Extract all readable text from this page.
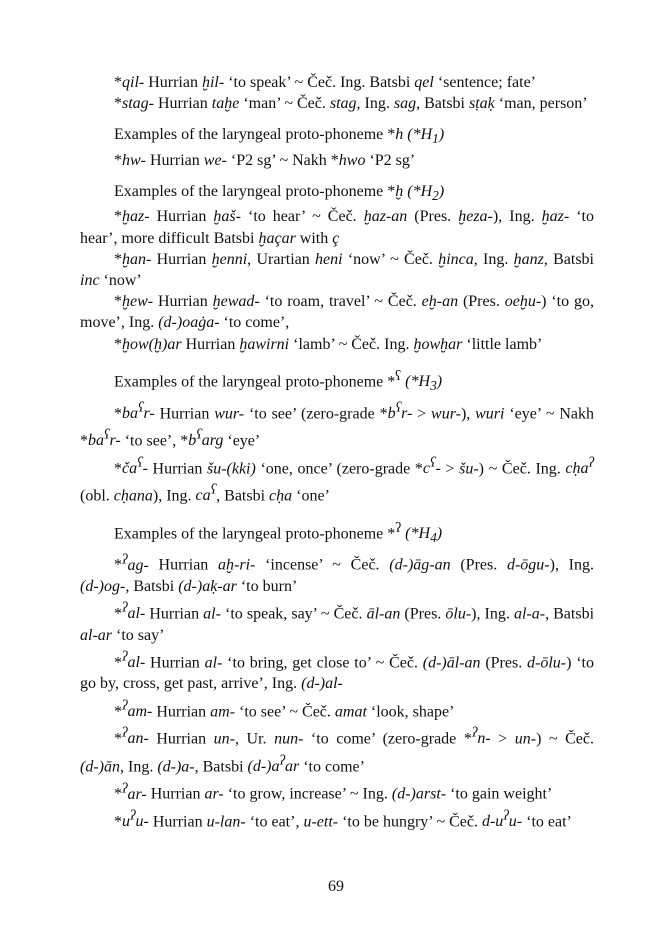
*qil- Hurrian ḫil- ‘to speak’ ~ Čeč. Ing. Batsbi qel ‘sentence; fate’

*stag- Hurrian taḫe ‘man’ ~ Čeč. stag, Ing. sag, Batsbi sṭaḳ ‘man, person’

Examples of the laryngeal proto-phoneme *h $(*H_1)$

*hw- Hurrian we- ‘P2 sg’ ~ Nakh *hwo ‘P2 sg’

Examples of the laryngeal proto-phoneme *ḫ $(*H_2)$

*ḫaz- Hurrian ḫaš- ‘to hear’ ~ Čeč. ḫaz-an (Pres. ḫeza-), Ing. ḫaz- ‘to hear’, more difficult Batsbi ḫaçar with ç

*ḫan- Hurrian ḫenni, Urartian heni ‘now’ ~ Čeč. ḫinca, Ing. ḫanz, Batsbi inc ‘now’

*ḫew- Hurrian ḫewad- ‘to roam, travel’ ~ Čeč. eḫ-an (Pres. oeḫu-) ‘to go, move’, Ing. (d-)oaġa- ‘to come’,

*ḫow(ḫ)ar Hurrian ḫawirni ‘lamb’ ~ Čeč. Ing. ḫowḫar ‘little lamb’

Examples of the laryngeal proto-phoneme *$^ʕ$ $(*H_3)$

$*ba^ʕr-$ Hurrian wur- ‘to see’ (zero-grade $*b^ʕr- > wur-$), wuri ‘eye’ ~ Nakh $*ba^ʕr-$ ‘to see’, $*b^ʕarg$ ‘eye’

$*ča^ʕ-$ Hurrian šu-(kki) ‘one, once’ (zero-grade $*c^ʕ-$ > šu-) ~ Čeč. Ing. cḥa$^ʔ$ (obl. cḥana), Ing. $ca^ʕ$, Batsbi cḥa ‘one’

Examples of the laryngeal proto-phoneme *$^ʔ$ $(*H_4)$

*$^ʔ$ag- Hurrian aḫ-ri- ‘incense’ ~ Čeč. (d-)āg-an (Pres. d-ōgu-), Ing. (d-)og-, Batsbi (d-)aḳ-ar ‘to burn’

*$^ʔ$al- Hurrian al- ‘to speak, say’ ~ Čeč. āl-an (Pres. ōlu-), Ing. al-a-, Batsbi al-ar ‘to say’

*$^ʔ$al- Hurrian al- ‘to bring, get close to’ ~ Čeč. (d-)āl-an (Pres. d-ōlu-) ‘to go by, cross, get past, arrive’, Ing. (d-)al-

*$^ʔ$am- Hurrian am- ‘to see’ ~ Čeč. amat ‘look, shape’

*$^ʔ$an- Hurrian un-, Ur. nun- ‘to come’ (zero-grade *$^ʔ$n- > un-) ~ Čeč. (d-)ān, Ing. (d-)a-, Batsbi $(d-)a^ʔar$ ‘to come’

*$^ʔ$ar- Hurrian ar- ‘to grow, increase’ ~ Ing. (d-)arst- ‘to gain weight’

$*u^ʔu-$ Hurrian u-lan- ‘to eat’, u-ett- ‘to be hungry’ ~ Čeč. $d-u^ʔu-$ ‘to eat’

69
